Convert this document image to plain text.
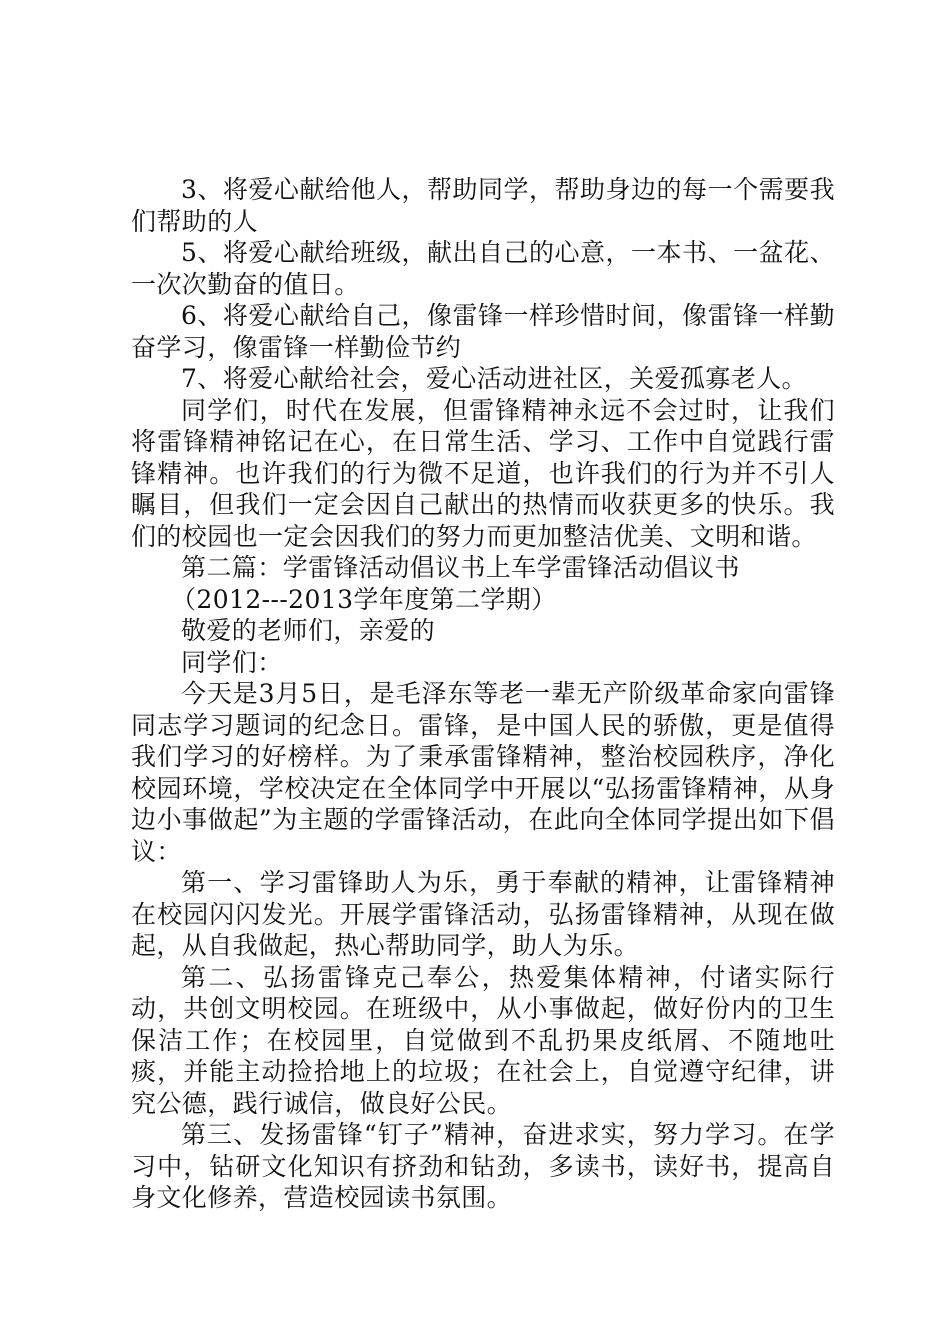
3、将爱心献给他人，帮助同学，帮助身边的每一个需要我们帮助的人

5、将爱心献给班级，献出自己的心意，一本书、一盆花、一次次勤奋的值日。

6、将爱心献给自己，像雷锋一样珍惜时间，像雷锋一样勤奋学习，像雷锋一样勤俭节约

7、将爱心献给社会，爱心活动进社区，关爱孤寡老人。

同学们，时代在发展，但雷锋精神永远不会过时，让我们将雷锋精神铭记在心，在日常生活、学习、工作中自觉践行雷锋精神。也许我们的行为微不足道，也许我们的行为并不引人瞩目，但我们一定会因自己献出的热情而收获更多的快乐。我们的校园也一定会因我们的努力而更加整洁优美、文明和谐。

第二篇：学雷锋活动倡议书上车学雷锋活动倡议书

（2012---2013学年度第二学期）

敬爱的老师们，亲爱的

同学们：

今天是3月5日，是毛泽东等老一辈无产阶级革命家向雷锋同志学习题词的纪念日。雷锋，是中国人民的骄傲，更是值得我们学习的好榜样。为了秉承雷锋精神，整治校园秩序，净化校园环境，学校决定在全体同学中开展以“弘扬雷锋精神，从身边小事做起”为主题的学雷锋活动，在此向全体同学提出如下倡议：

第一、学习雷锋助人为乐，勇于奉献的精神，让雷锋精神在校园闪闪发光。开展学雷锋活动，弘扬雷锋精神，从现在做起，从自我做起，热心帮助同学，助人为乐。

第二、弘扬雷锋克己奉公，热爱集体精神，付诸实际行动，共创文明校园。在班级中，从小事做起，做好份内的卫生保洁工作；在校园里，自觉做到不乱扔果皮纸屑、不随地吐痰，并能主动捡拾地上的垃圾；在社会上，自觉遵守纪律，讲究公德，践行诚信，做良好公民。

第三、发扬雷锋“钉子”精神，奋进求实，努力学习。在学习中，钻研文化知识有挤劲和钻劲，多读书，读好书，提高自身文化修养，营造校园读书氛围。
